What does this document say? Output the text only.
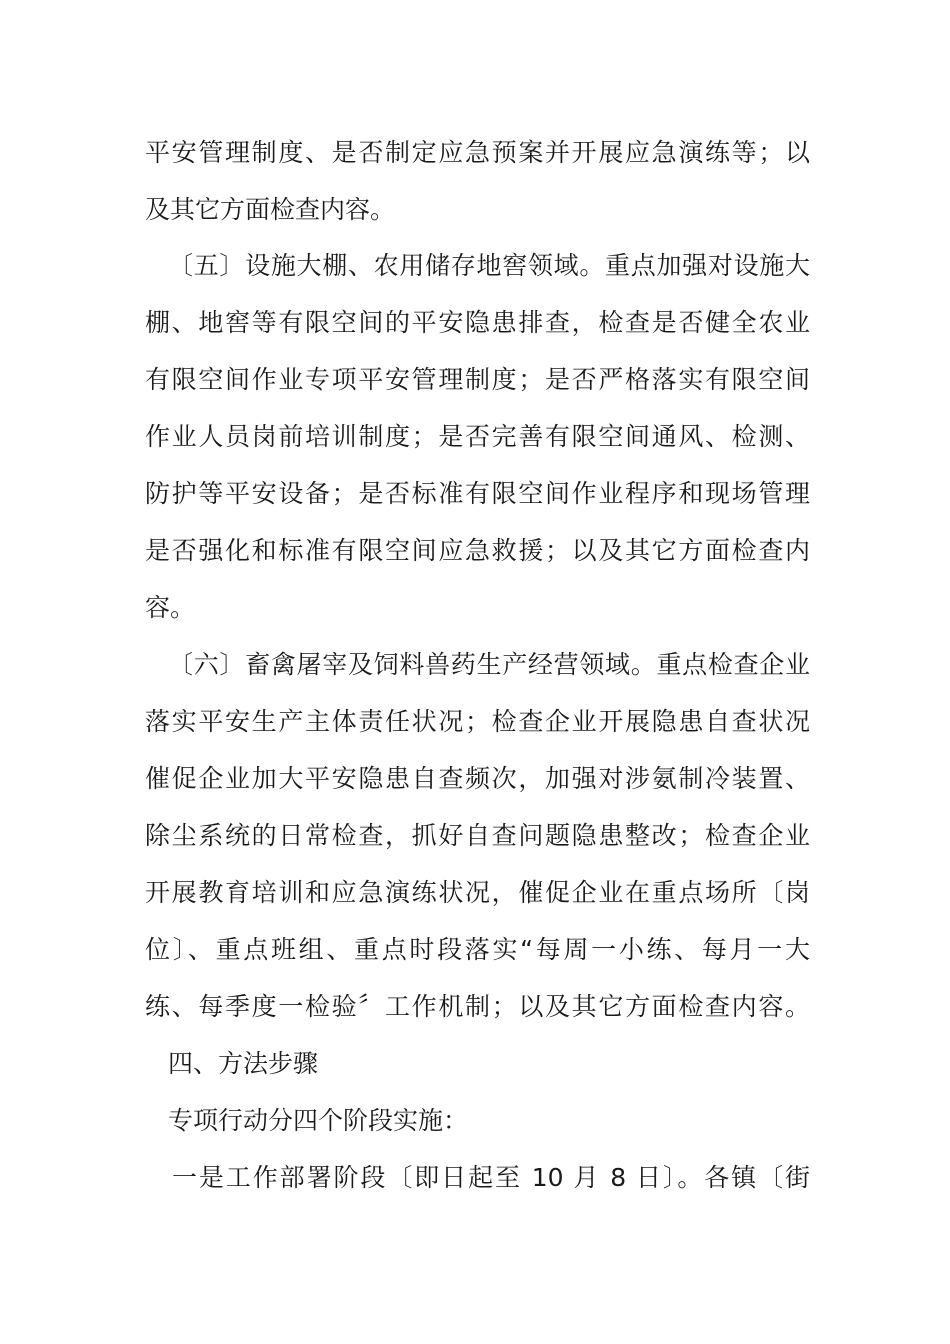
平安管理制度、是否制定应急预案并开展应急演练等；以
及其它方面检查内容。
〔五〕设施大棚、农用储存地窖领域。重点加强对设施大
棚、地窖等有限空间的平安隐患排查，检查是否健全农业
有限空间作业专项平安管理制度；是否严格落实有限空间
作业人员岗前培训制度；是否完善有限空间通风、检测、
防护等平安设备；是否标准有限空间作业程序和现场管理
是否强化和标准有限空间应急救援；以及其它方面检查内
容。
〔六〕畜禽屠宰及饲料兽药生产经营领域。重点检查企业
落实平安生产主体责任状况；检查企业开展隐患自查状况
催促企业加大平安隐患自查频次，加强对涉氨制冷装置、
除尘系统的日常检查，抓好自查问题隐患整改；检查企业
开展教育培训和应急演练状况，催促企业在重点场所〔岗
位〕、重点班组、重点时段落实“每周一小练、每月一大
练、每季度一检验〞工作机制；以及其它方面检查内容。
四、方法步骤
专项行动分四个阶段实施：
一是工作部署阶段〔即日起至 10 月 8 日〕。各镇〔街
